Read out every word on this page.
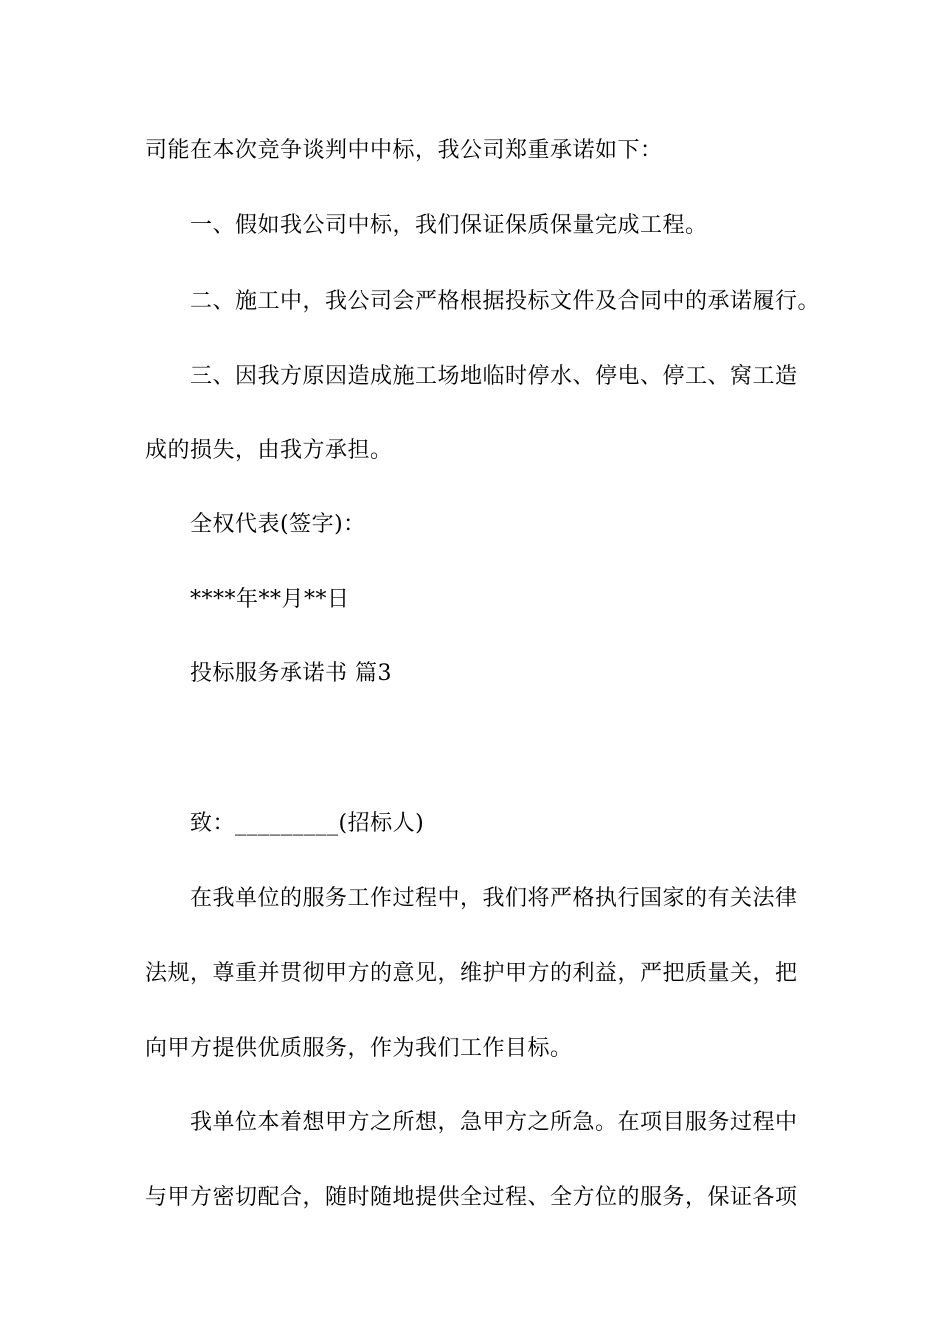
司能在本次竞争谈判中中标，我公司郑重承诺如下：
一、假如我公司中标，我们保证保质保量完成工程。
二、施工中，我公司会严格根据投标文件及合同中的承诺履行。
三、因我方原因造成施工场地临时停水、停电、停工、窝工造
成的损失，由我方承担。
全权代表(签字)：
****年**月**日
投标服务承诺书 篇3
致：_________(招标人)
在我单位的服务工作过程中，我们将严格执行国家的有关法律
法规，尊重并贯彻甲方的意见，维护甲方的利益，严把质量关，把
向甲方提供优质服务，作为我们工作目标。
我单位本着想甲方之所想，急甲方之所急。在项目服务过程中
与甲方密切配合，随时随地提供全过程、全方位的服务，保证各项
